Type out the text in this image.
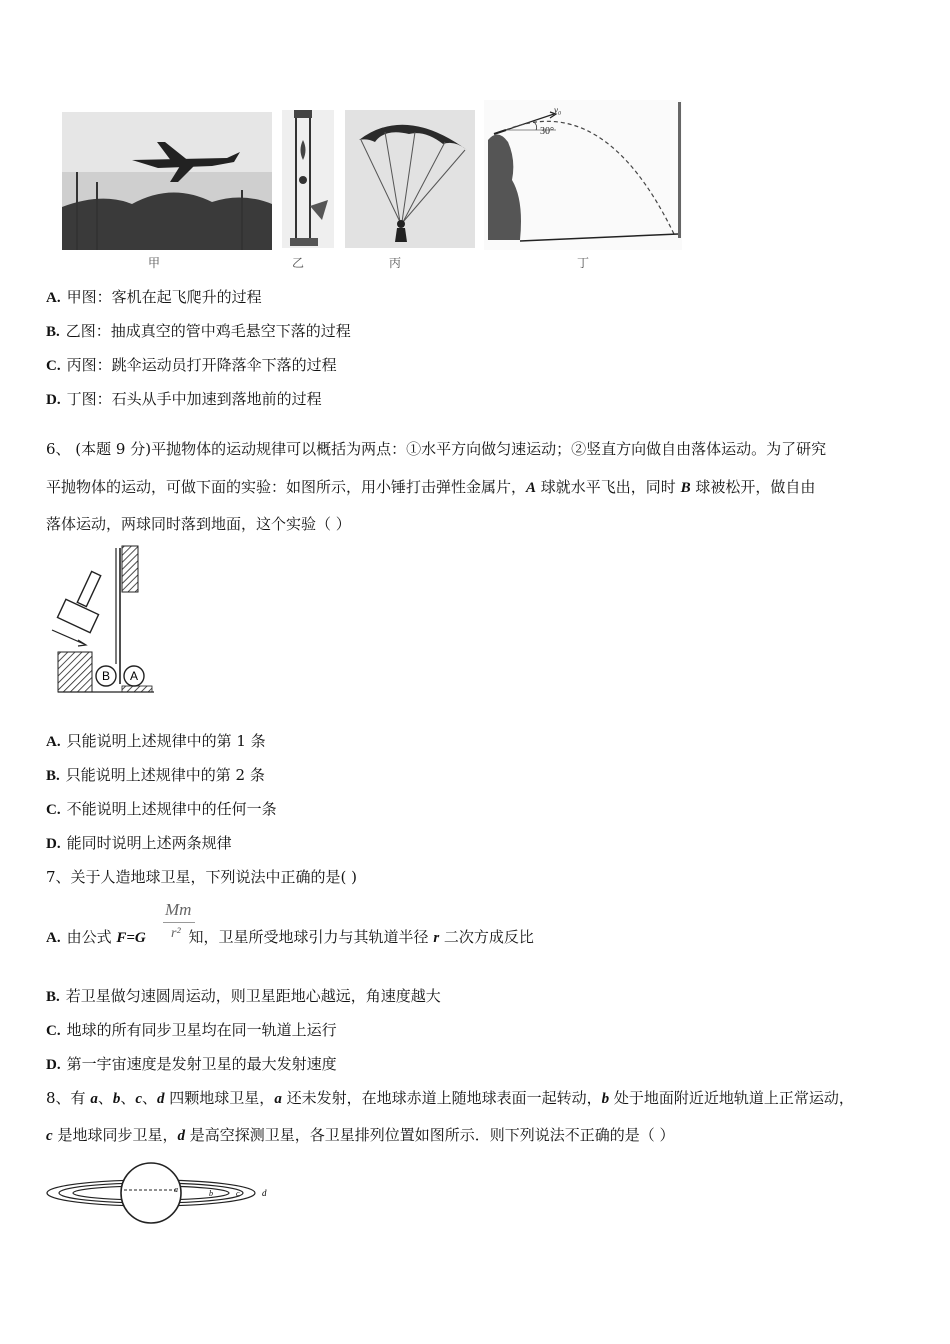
30°
v₀
甲	乙	丙	丁
A. 甲图：客机在起飞爬升的过程
B. 乙图：抽成真空的管中鸡毛悬空下落的过程
C. 丙图：跳伞运动员打开降落伞下落的过程
D. 丁图：石头从手中加速到落地前的过程
6、 (本题 9 分)平抛物体的运动规律可以概括为两点：①水平方向做匀速运动；②竖直方向做自由落体运动。为了研究
平抛物体的运动，可做下面的实验：如图所示，用小锤打击弹性金属片，A 球就水平飞出，同时 B 球被松开，做自由
落体运动，两球同时落到地面，这个实验（ ）
B A
A. 只能说明上述规律中的第 1 条
B. 只能说明上述规律中的第 2 条
C. 不能说明上述规律中的任何一条
D. 能同时说明上述两条规律
7、关于人造地球卫星，下列说法中正确的是( )
Mm
r²
A. 由公式 F=G	知，卫星所受地球引力与其轨道半径 r 二次方成反比
B. 若卫星做匀速圆周运动，则卫星距地心越远，角速度越大
C. 地球的所有同步卫星均在同一轨道上运行
D. 第一宇宙速度是发射卫星的最大发射速度
8、有 a、b、c、d 四颗地球卫星，a 还未发射，在地球赤道上随地球表面一起转动，b 处于地面附近近地轨道上正常运动，
c 是地球同步卫星，d 是高空探测卫星，各卫星排列位置如图所示．则下列说法不正确的是（ ）
a	b	c d
